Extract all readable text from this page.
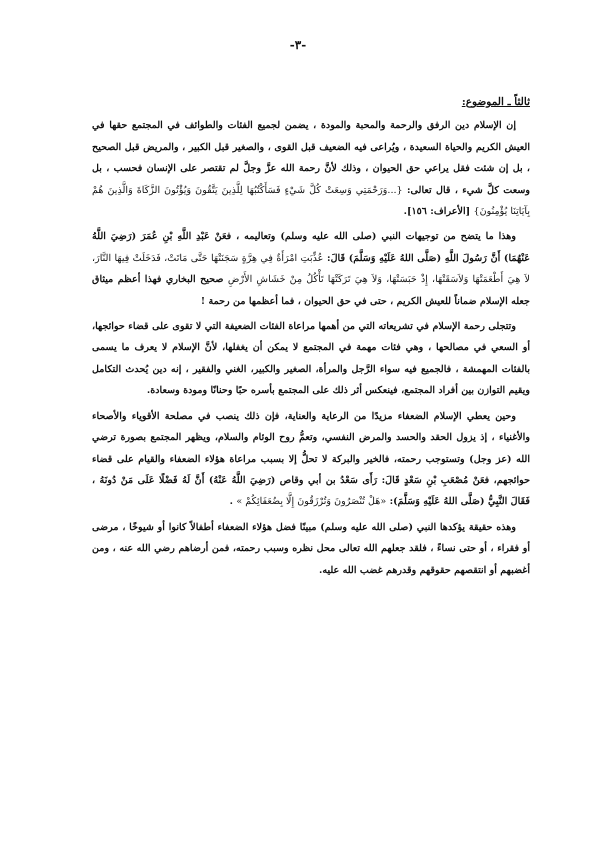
-٣-
ثالثاً ـ الموضوع:

إن الإسلام دين الرفق والرحمة والمحبة والمودة ، يضمن لجميع الفئات والطوائف في المجتمع حقها في العيش الكريم والحياة السعيدة ، ويُراعى فيه الضعيف قبل القوى ، والصغير قبل الكبير ، والمريض قبل الصحيح ، بل إن شئت فقل يراعي حق الحيوان ، وذلك لأنَّ رحمة الله عزَّ وجلَّ لم تقتصر على الإنسان فحسب ، بل وسعت كلَّ شيء ، قال تعالى: {...وَرَحْمَتِي وَسِعَتْ كُلَّ شَيْءٍ فَسَأَكْتُبُهَا لِلَّذِينَ يَتَّقُونَ وَيُؤْتُونَ الزَّكَاةَ وَالَّذِينَ هُمْ بِآيَاتِنَا يُؤْمِنُونَ} [الأعراف: ١٥٦].

وهذا ما يتضح من توجيهات النبي (صلى الله عليه وسلم) وتعاليمه ، فعَنْ عَبْدِ اللَّهِ بْنِ عُمَرَ (رَضِيَ اللَّهُ عَنْهُمَا) أَنَّ رَسُولَ اللَّهِ (صَلَّى اللهُ عَلَيْهِ وَسَلَّمَ) قَالَ: عُذِّبَتِ امْرَأَةٌ فِي هِرَّةٍ سَجَنَتْهَا حَتَّى مَاتَتْ، فَدَخَلَتْ فِيهَا النَّارَ، لاَ هِيَ أَطْعَمَتْهَا وَلاَسَقَتْهَا، إِذْ حَبَسَتْهَا، وَلاَ هِيَ تَرَكَتْهَا تَأْكُلُ مِنْ خَشَاشِ الأَرْضِ صحيح البخاري فهذا أعظم ميثاق جعله الإسلام ضماناً للعيش الكريم ، حتى في حق الحيوان ، فما أعظمها من رحمة !

وتتجلى رحمة الإسلام في تشريعاته التي من أهمها مراعاة الفئات الضعيفة التي لا تقوى على قضاء حوائجها، أو السعي في مصالحها ، وهي فئات مهمة في المجتمع لا يمكن أن يغفلها، لأنَّ الإسلام لا يعرف ما يسمى بالفئات المهمشة ، فالجميع فيه سواء الرَّجل والمرأة، الصغير والكبير، الغني والفقير ، إنه دين يُحدث التكامل ويقيم التوازن بين أفراد المجتمع، فينعكس أثر ذلك على المجتمع بأسره حبًا وحنانًا ومودة وسعادة.

وحين يعطي الإسلام الضعفاء مزيدًا من الرعاية والعناية، فإن ذلك ينصب في مصلحة الأقوياء والأصحاء والأغنياء ، إذ يزول الحقد والحسد والمرض النفسي، وتعمُّ روح الوئام والسلام، ويظهر المجتمع بصورة ترضي الله (عز وجل) وتستوجب رحمته، فالخير والبركة لا تحلُّ إلا بسبب مراعاة هؤلاء الضعفاء والقيام على قضاء حوائجهم، فعَنْ مُصْعَبِ بْنِ سَعْدٍ قَالَ: رَأَى سَعْدُ بن أبي وقاص (رَضِيَ اللَّهُ عَنْهُ) أَنَّ لَهُ فَضْلًا عَلَى مَنْ دُونَهُ ، فَقَالَ النَّبِيُّ (صَلَّى اللهُ عَلَيْهِ وَسَلَّمَ): «هَلْ تُنْصَرُونَ وَتُرْزَقُونَ إِلَّا بِضُعَفَائِكُمْ » .

وهذه حقيقة يؤكدها النبي (صلى الله عليه وسلم) مبينًا فضل هؤلاء الضعفاء أطفالاً كانوا أو شيوخًا ، مرضى أو فقراء ، أو حتى نساءً ، فلقد جعلهم الله تعالى محل نظره وسبب رحمته، فمن أرضاهم رضي الله عنه ، ومن أغضبهم أو انتقصهم حقوقهم وقدرهم غضب الله عليه.
